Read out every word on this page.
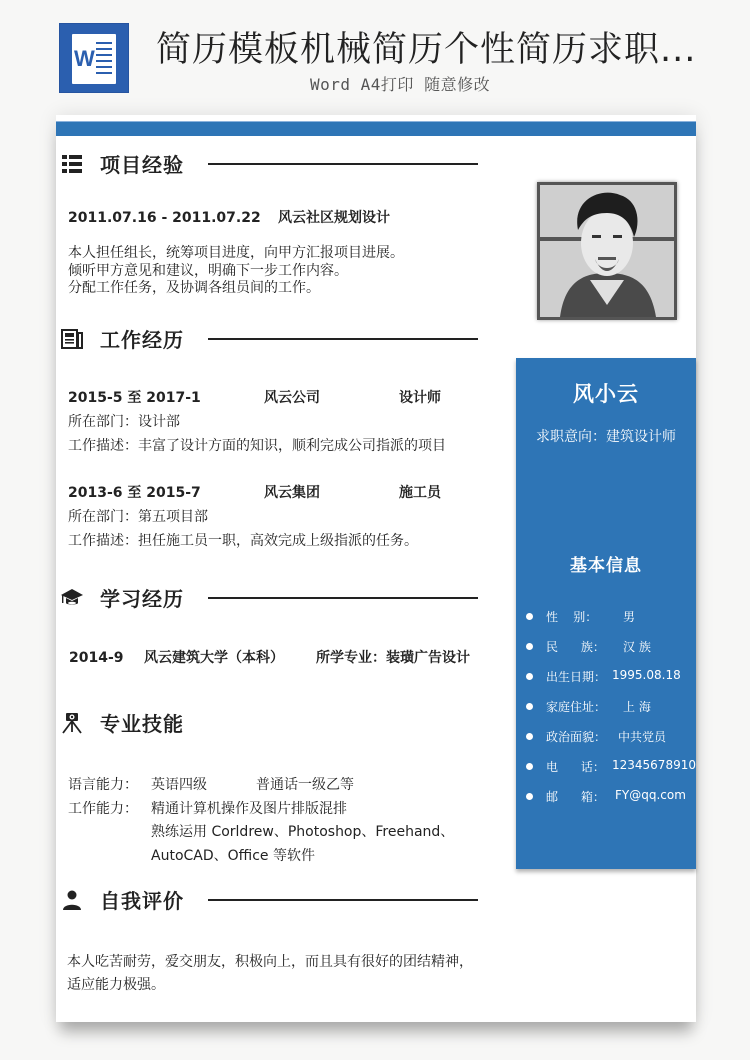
W 简历模板机械简历个性简历求职...
Word A4打印 随意修改
项目经验
2011.07.16 - 2011.07.22 风云社区规划设计
本人担任组长，统筹项目进度，向甲方汇报项目进展。
倾听甲方意见和建议，明确下一步工作内容。
分配工作任务，及协调各组员间的工作。
工作经历
2015-5 至 2017-1	风云公司	设计师
所在部门：设计部
工作描述：丰富了设计方面的知识，顺利完成公司指派的项目
2013-6 至 2015-7	风云集团	施工员
所在部门：第五项目部
工作描述：担任施工员一职，高效完成上级指派的任务。
学习经历
2014-9 风云建筑大学（本科） 所学专业：装璜广告设计
专业技能
语言能力： 英语四级	普通话一级乙等
工作能力： 精通计算机操作及图片排版混排
熟练运用 Corldrew、Photoshop、Freehand、
AutoCAD、Office 等软件
自我评价
本人吃苦耐劳，爱交朋友，积极向上，而且具有很好的团结精神，
适应能力极强。
风小云
求职意向：建筑设计师
基本信息
性    别： 男
民      族： 汉 族
出生日期： 1995.08.18
家庭住址： 上 海
政治面貌： 中共党员
电      话： 12345678910
邮      箱： FY@qq.com
